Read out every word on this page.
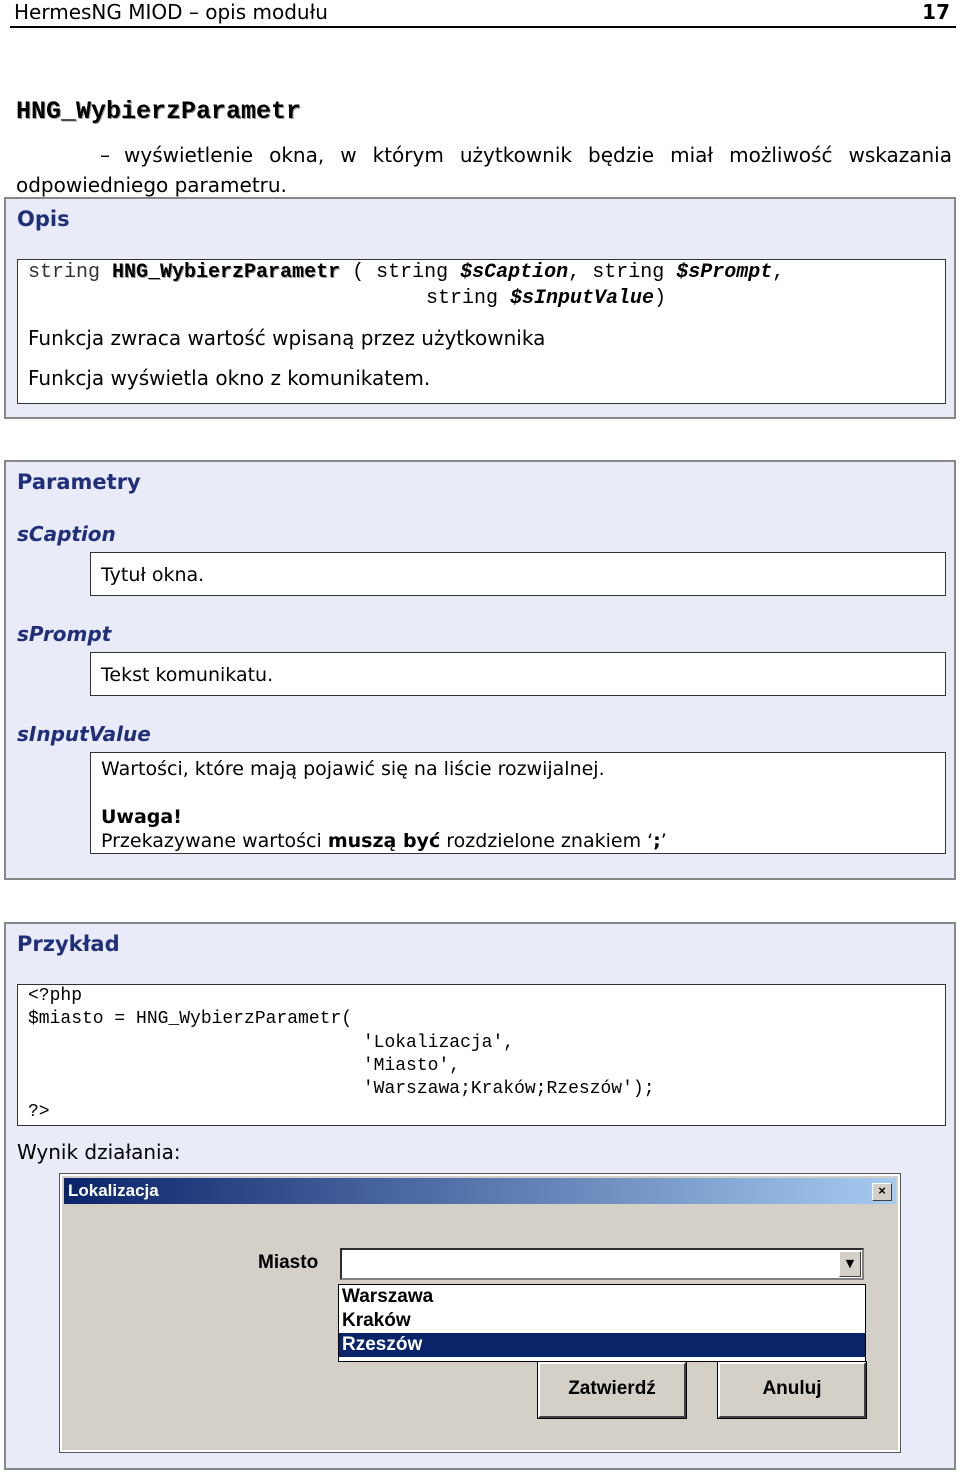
HermesNG MIOD – opis modułu	17
HNG_WybierzParametr
– wyświetlenie okna, w którym użytkownik będzie miał możliwość wskazania odpowiedniego parametru.
Opis
string HNG_WybierzParametr ( string $sCaption, string $sPrompt,
string $sInputValue)
Funkcja zwraca wartość wpisaną przez użytkownika
Funkcja wyświetla okno z komunikatem.
Parametry
sCaption
Tytuł okna.
sPrompt
Tekst komunikatu.
sInputValue
Wartości, które mają pojawić się na liście rozwijalnej.
Uwaga!
Przekazywane wartości muszą być rozdzielone znakiem ‘;’
Przykład
<?php
$miasto = HNG_WybierzParametr(
'Lokalizacja',
'Miasto',
'Warszawa;Kraków;Rzeszów');
?>
Wynik działania:
Lokalizacja	×
Miasto	▼
Warszawa
Kraków
Rzeszów
Zatwierdź	Anuluj
